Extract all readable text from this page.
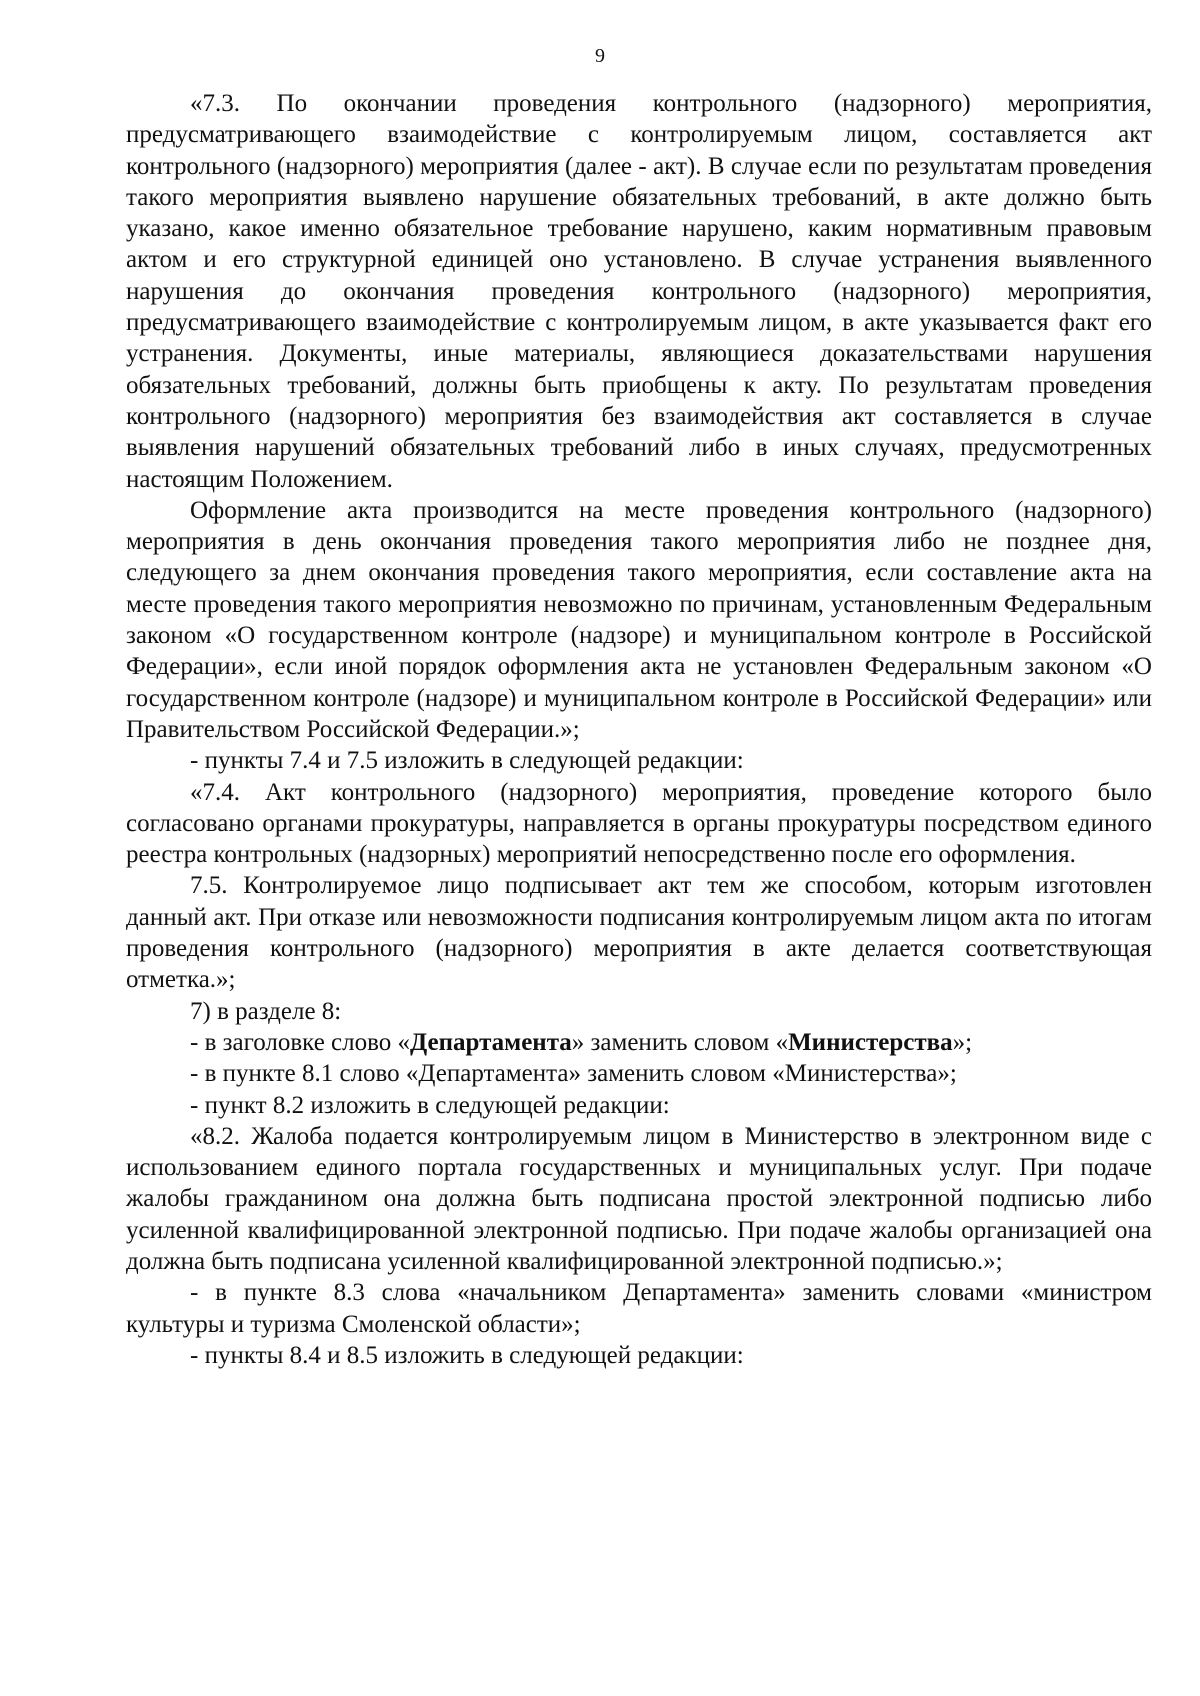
9

«7.3. По окончании проведения контрольного (надзорного) мероприятия, предусматривающего взаимодействие с контролируемым лицом, составляется акт контрольного (надзорного) мероприятия (далее - акт). В случае если по результатам проведения такого мероприятия выявлено нарушение обязательных требований, в акте должно быть указано, какое именно обязательное требование нарушено, каким нормативным правовым актом и его структурной единицей оно установлено. В случае устранения выявленного нарушения до окончания проведения контрольного (надзорного) мероприятия, предусматривающего взаимодействие с контролируемым лицом, в акте указывается факт его устранения. Документы, иные материалы, являющиеся доказательствами нарушения обязательных требований, должны быть приобщены к акту. По результатам проведения контрольного (надзорного) мероприятия без взаимодействия акт составляется в случае выявления нарушений обязательных требований либо в иных случаях, предусмотренных настоящим Положением.

Оформление акта производится на месте проведения контрольного (надзорного) мероприятия в день окончания проведения такого мероприятия либо не позднее дня, следующего за днем окончания проведения такого мероприятия, если составление акта на месте проведения такого мероприятия невозможно по причинам, установленным Федеральным законом «О государственном контроле (надзоре) и муниципальном контроле в Российской Федерации», если иной порядок оформления акта не установлен Федеральным законом «О государственном контроле (надзоре) и муниципальном контроле в Российской Федерации» или Правительством Российской Федерации.»;

- пункты 7.4 и 7.5 изложить в следующей редакции:

«7.4. Акт контрольного (надзорного) мероприятия, проведение которого было согласовано органами прокуратуры, направляется в органы прокуратуры посредством единого реестра контрольных (надзорных) мероприятий непосредственно после его оформления.

7.5. Контролируемое лицо подписывает акт тем же способом, которым изготовлен данный акт. При отказе или невозможности подписания контролируемым лицом акта по итогам проведения контрольного (надзорного) мероприятия в акте делается соответствующая отметка.»;

7) в разделе 8:

- в заголовке слово «Департамента» заменить словом «Министерства»;

- в пункте 8.1 слово «Департамента» заменить словом «Министерства»;

- пункт 8.2 изложить в следующей редакции:

«8.2. Жалоба подается контролируемым лицом в Министерство в электронном виде с использованием единого портала государственных и муниципальных услуг. При подаче жалобы гражданином она должна быть подписана простой электронной подписью либо усиленной квалифицированной электронной подписью. При подаче жалобы организацией она должна быть подписана усиленной квалифицированной электронной подписью.»;

- в пункте 8.3 слова «начальником Департамента» заменить словами «министром культуры и туризма Смоленской области»;

- пункты 8.4 и 8.5 изложить в следующей редакции:
